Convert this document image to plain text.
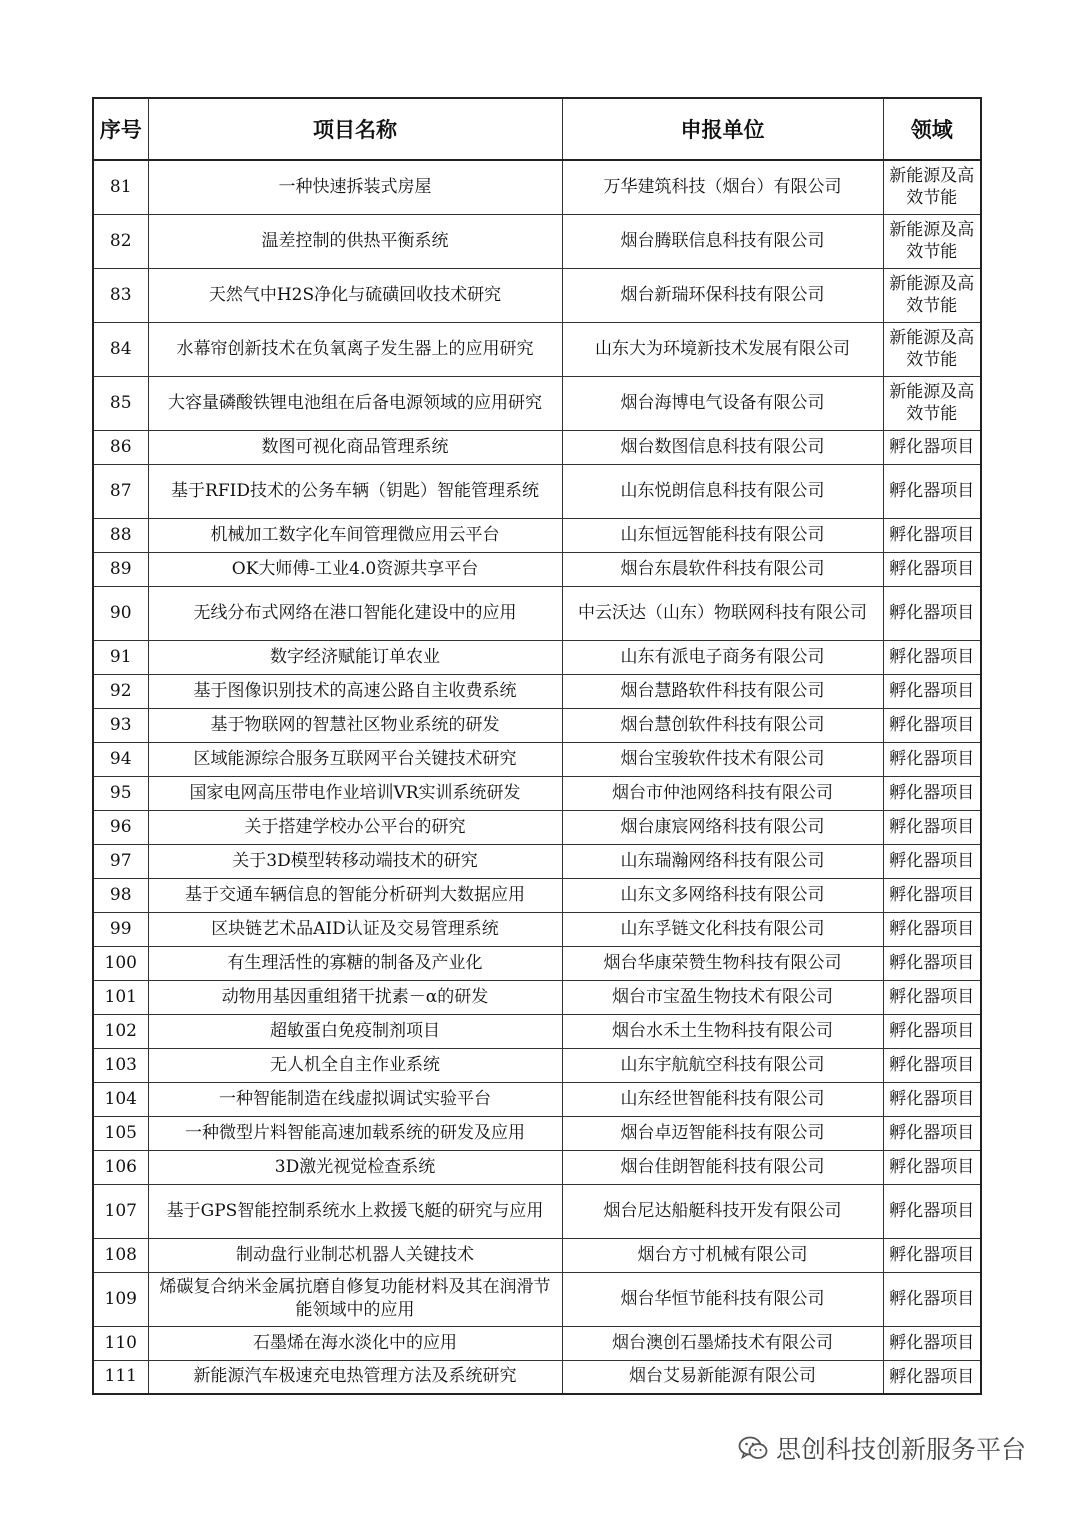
序号	项目名称	申报单位	领域
81	一种快速拆装式房屋	万华建筑科技（烟台）有限公司	新能源及高效节能

82	温差控制的供热平衡系统	烟台腾联信息科技有限公司	新能源及高效节能

83	天然气中H2S净化与硫磺回收技术研究	烟台新瑞环保科技有限公司	新能源及高效节能

84	水幕帘创新技术在负氧离子发生器上的应用研究	山东大为环境新技术发展有限公司	新能源及高效节能

85	大容量磷酸铁锂电池组在后备电源领域的应用研究	烟台海博电气设备有限公司	新能源及高效节能

86	数图可视化商品管理系统	烟台数图信息科技有限公司	孵化器项目

87	基于RFID技术的公务车辆（钥匙）智能管理系统	山东悦朗信息科技有限公司	孵化器项目

88	机械加工数字化车间管理微应用云平台	山东恒远智能科技有限公司	孵化器项目

89	OK大师傅-工业4.0资源共享平台	烟台东晨软件科技有限公司	孵化器项目

90	无线分布式网络在港口智能化建设中的应用	中云沃达（山东）物联网科技有限公司	孵化器项目

91	数字经济赋能订单农业	山东有派电子商务有限公司	孵化器项目

92	基于图像识别技术的高速公路自主收费系统	烟台慧路软件科技有限公司	孵化器项目

93	基于物联网的智慧社区物业系统的研发	烟台慧创软件科技有限公司	孵化器项目

94	区域能源综合服务互联网平台关键技术研究	烟台宝骏软件技术有限公司	孵化器项目

95	国家电网高压带电作业培训VR实训系统研发	烟台市仲池网络科技有限公司	孵化器项目

96	关于搭建学校办公平台的研究	烟台康宸网络科技有限公司	孵化器项目

97	关于3D模型转移动端技术的研究	山东瑞瀚网络科技有限公司	孵化器项目

98	基于交通车辆信息的智能分析研判大数据应用	山东文多网络科技有限公司	孵化器项目

99	区块链艺术品AID认证及交易管理系统	山东孚链文化科技有限公司	孵化器项目

100	有生理活性的寡糖的制备及产业化	烟台华康荣赞生物科技有限公司	孵化器项目

101	动物用基因重组猪干扰素－α的研发	烟台市宝盈生物技术有限公司	孵化器项目

102	超敏蛋白免疫制剂项目	烟台水禾土生物科技有限公司	孵化器项目

103	无人机全自主作业系统	山东宇航航空科技有限公司	孵化器项目

104	一种智能制造在线虚拟调试实验平台	山东经世智能科技有限公司	孵化器项目

105	一种微型片料智能高速加载系统的研发及应用	烟台卓迈智能科技有限公司	孵化器项目

106	3D激光视觉检查系统	烟台佳朗智能科技有限公司	孵化器项目

107	基于GPS智能控制系统水上救援飞艇的研究与应用	烟台尼达船艇科技开发有限公司	孵化器项目

108	制动盘行业制芯机器人关键技术	烟台方寸机械有限公司	孵化器项目

109	烯碳复合纳米金属抗磨自修复功能材料及其在润滑节能领域中的应用	烟台华恒节能科技有限公司	孵化器项目

110	石墨烯在海水淡化中的应用	烟台澳创石墨烯技术有限公司	孵化器项目

111	新能源汽车极速充电热管理方法及系统研究	烟台艾易新能源有限公司	孵化器项目
思创科技创新服务平台
